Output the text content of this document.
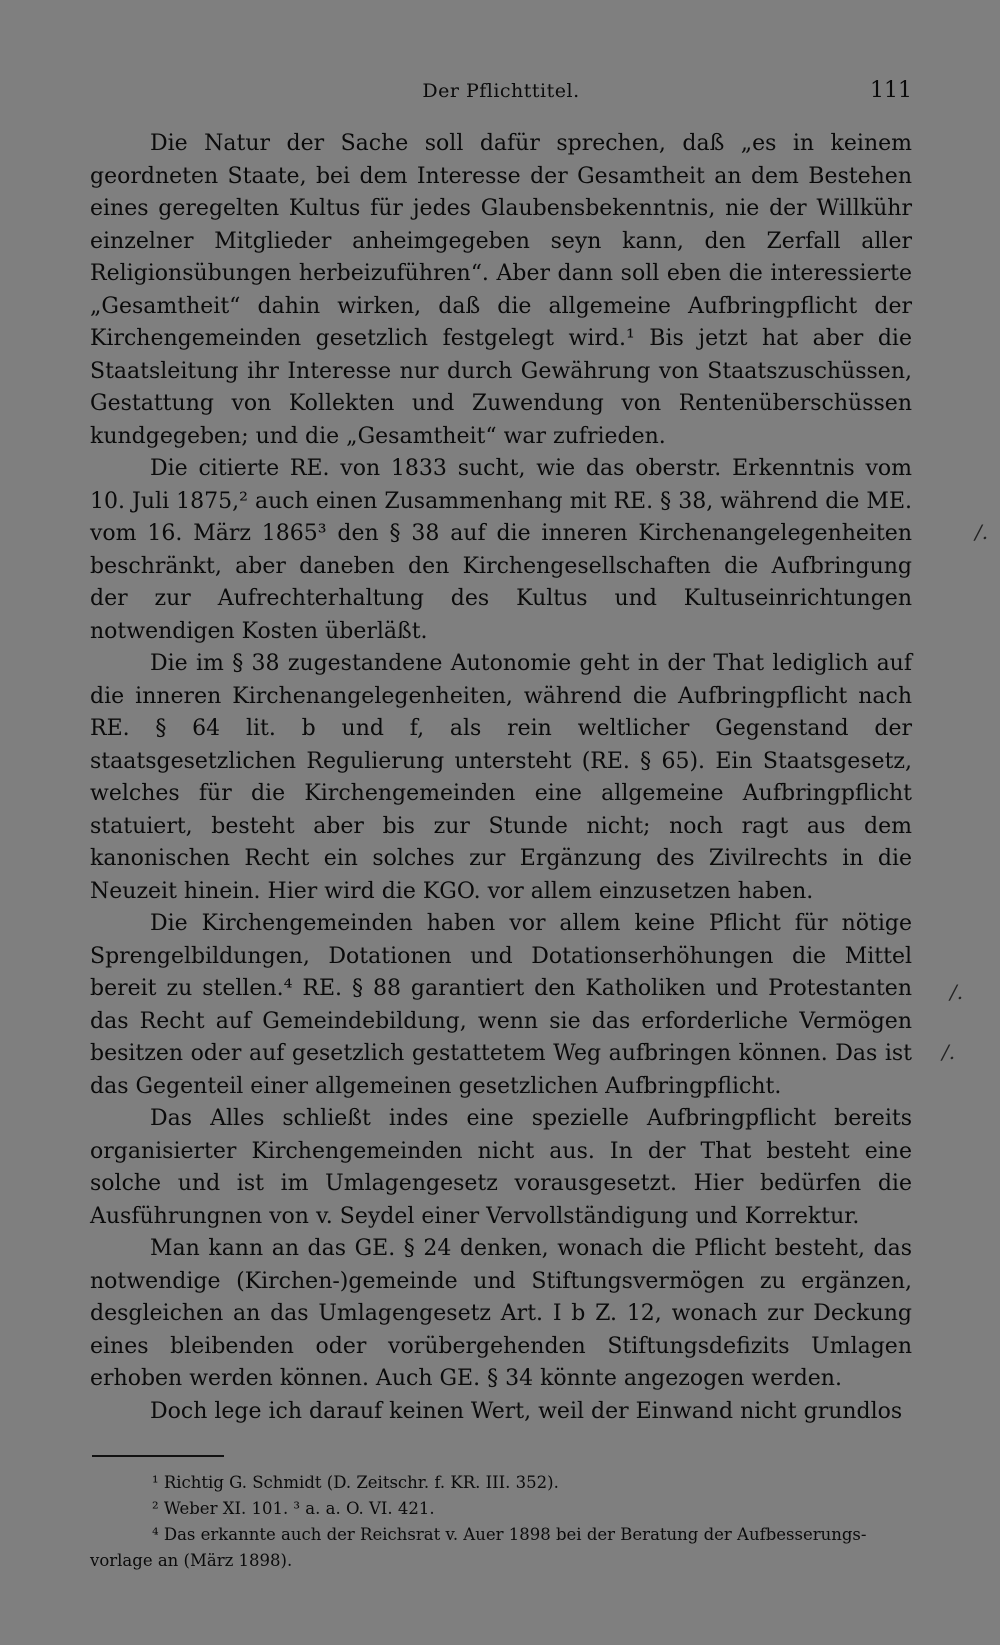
Der Pflichttitel.	111

Die Natur der Sache soll dafür sprechen, daß „es in keinem geordneten Staate, bei dem Interesse der Gesamtheit an dem Bestehen eines geregelten Kultus für jedes Glaubensbekenntnis, nie der Willkühr einzelner Mitglieder anheimgegeben seyn kann, den Zerfall aller Religionsübungen herbeizuführen“. Aber dann soll eben die interessierte „Gesamtheit“ dahin wirken, daß die allgemeine Aufbringpflicht der Kirchengemeinden gesetzlich festgelegt wird.¹ Bis jetzt hat aber die Staatsleitung ihr Interesse nur durch Gewährung von Staatszuschüssen, Gestattung von Kollekten und Zuwendung von Rentenüberschüssen kundgegeben; und die „Gesamtheit“ war zufrieden.

Die citierte RE. von 1833 sucht, wie das oberstr. Erkenntnis vom 10. Juli 1875,² auch einen Zusammenhang mit RE. § 38, während die ME. vom 16. März 1865³ den § 38 auf die inneren Kirchenangelegenheiten beschränkt, aber daneben den Kirchengesellschaften die Aufbringung der zur Aufrechterhaltung des Kultus und Kultuseinrichtungen notwendigen Kosten überläßt.

Die im § 38 zugestandene Autonomie geht in der That lediglich auf die inneren Kirchenangelegenheiten, während die Aufbringpflicht nach RE. § 64 lit. b und f, als rein weltlicher Gegenstand der staatsgesetzlichen Regulierung untersteht (RE. § 65). Ein Staatsgesetz, welches für die Kirchengemeinden eine allgemeine Aufbringpflicht statuiert, besteht aber bis zur Stunde nicht; noch ragt aus dem kanonischen Recht ein solches zur Ergänzung des Zivilrechts in die Neuzeit hinein. Hier wird die KGO. vor allem einzusetzen haben.

Die Kirchengemeinden haben vor allem keine Pflicht für nötige Sprengelbildungen, Dotationen und Dotationserhöhungen die Mittel bereit zu stellen.⁴ RE. § 88 garantiert den Katholiken und Protestanten das Recht auf Gemeindebildung, wenn sie das erforderliche Vermögen besitzen oder auf gesetzlich gestattetem Weg aufbringen können. Das ist das Gegenteil einer allgemeinen gesetzlichen Aufbringpflicht.

Das Alles schließt indes eine spezielle Aufbringpflicht bereits organisierter Kirchengemeinden nicht aus. In der That besteht eine solche und ist im Umlagengesetz vorausgesetzt. Hier bedürfen die Ausführungnen von v. Seydel einer Vervollständigung und Korrektur.

Man kann an das GE. § 24 denken, wonach die Pflicht besteht, das notwendige (Kirchen-)gemeinde und Stiftungsvermögen zu ergänzen, desgleichen an das Umlagengesetz Art. I b Z. 12, wonach zur Deckung eines bleibenden oder vorübergehenden Stiftungsdefizits Umlagen erhoben werden können. Auch GE. § 34 könnte angezogen werden.

Doch lege ich darauf keinen Wert, weil der Einwand nicht grundlos

¹ Richtig G. Schmidt (D. Zeitschr. f. KR. III. 352).
² Weber XI. 101. ³ a. a. O. VI. 421.
⁴ Das erkannte auch der Reichsrat v. Auer 1898 bei der Beratung der Aufbesserungs-
vorlage an (März 1898).
/.
/.
/.
